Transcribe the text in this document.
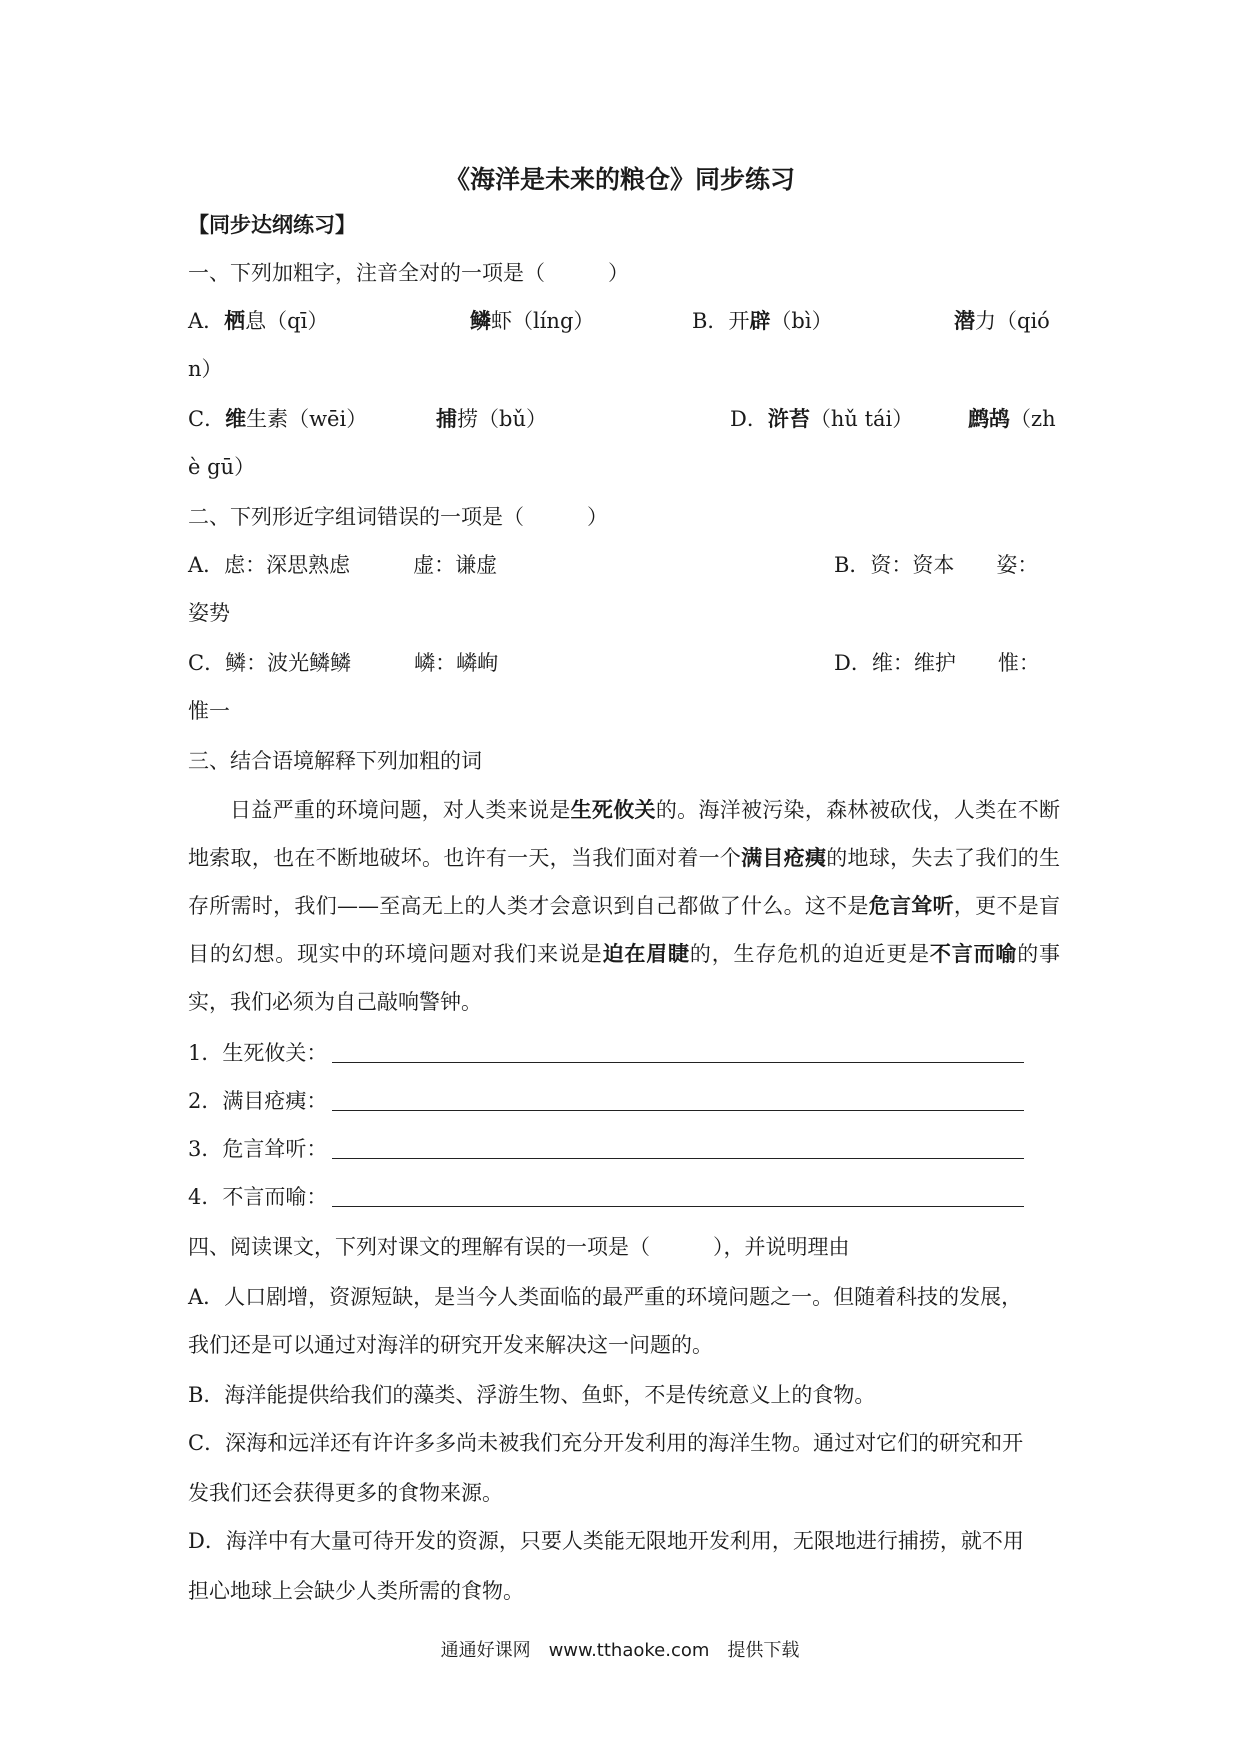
《海洋是未来的粮仓》同步练习
【同步达纲练习】
一、下列加粗字，注音全对的一项是（　　　）
A．栖息（qī）	鳞虾（líng）	B．开辟（bì）	潜力（qió
n）
C．维生素（wēi）	捕捞（bǔ）	D．浒苔（hǔ tái）	鹧鸪（zh
è gū）
二、下列形近字组词错误的一项是（　　　）
A．虑：深思熟虑　　　虚：谦虚	B．资：资本　　姿：
姿势
C．鳞：波光鳞鳞　　　嶙：嶙峋	D．维：维护　　惟：
惟一
三、结合语境解释下列加粗的词
日益严重的环境问题，对人类来说是生死攸关的。海洋被污染，森林被砍伐，人类在不断地索取，也在不断地破坏。也许有一天，当我们面对着一个满目疮痍的地球，失去了我们的生存所需时，我们——至高无上的人类才会意识到自己都做了什么。这不是危言耸听，更不是盲目的幻想。现实中的环境问题对我们来说是迫在眉睫的，生存危机的迫近更是不言而喻的事实，我们必须为自己敲响警钟。
1．生死攸关：
2．满目疮痍：
3．危言耸听：
4．不言而喻：
四、阅读课文，下列对课文的理解有误的一项是（　　　），并说明理由
A．人口剧增，资源短缺，是当今人类面临的最严重的环境问题之一。但随着科技的发展，
我们还是可以通过对海洋的研究开发来解决这一问题的。
B．海洋能提供给我们的藻类、浮游生物、鱼虾，不是传统意义上的食物。
C．深海和远洋还有许许多多尚未被我们充分开发利用的海洋生物。通过对它们的研究和开
发我们还会获得更多的食物来源。
D．海洋中有大量可待开发的资源，只要人类能无限地开发利用，无限地进行捕捞，就不用
担心地球上会缺少人类所需的食物。
通通好课网　www.tthaoke.com　提供下载
